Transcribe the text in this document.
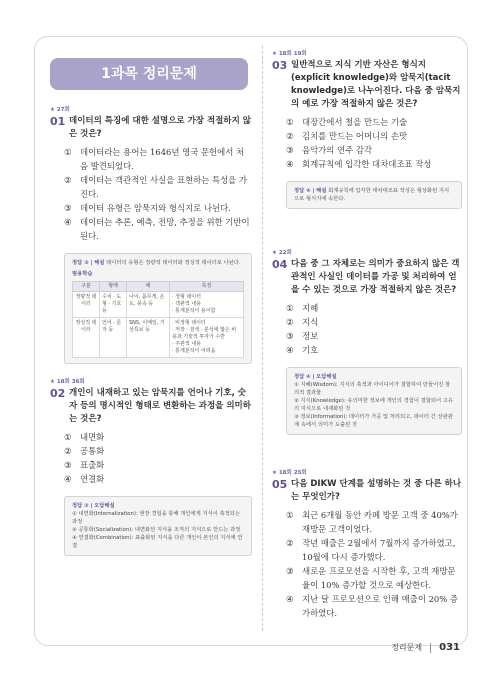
1과목 정리문제
★ 27회
01 데이터의 특징에 대한 설명으로 가장 적절하지 않은 것은?
①	데이터라는 용어는 1646년 영국 문헌에서 처음 발견되었다.
②	데이터는 객관적인 사실을 표현하는 특성을 가진다.
③	데이터 유형은 암묵지와 형식지로 나뉜다.
④	데이터는 추론, 예측, 전망, 추정을 위한 기반이 된다.
정답 ③ | 해설 데이터의 유형은 정량적 데이터와 정성적 데이터로 나뉜다.
범용학습
구분	형태	예	특징
정량적 데이터	수치 · 도형 · 기호 등	나이, 몸무게, 온도, 풍속 등	· 정형 데이터
· 객관적 내용
· 통계분석이 용이함
정성적 데이터	언어 · 문자 등	SNS, 이메일, 기상특보 등	· 비정형 데이터
· 저장 · 검색 · 분석에 많은 비용과 기술적 투자가 수반
· 주관적 내용
· 통계분석이 어려움
★ 18회 36회
02 개인이 내재하고 있는 암묵지를 언어나 기호, 숫자 등의 명시적인 형태로 변환하는 과정을 의미하는 것은?
①	내면화
②	공통화
③	표출화
④	연결화
정답 ③ | 오답해설
① 내면화(Internalization): 현장 경험을 통해 개인에게 지식이 축적되는 과정
② 공통화(Socialization): 내면화된 지식을 조직의 지식으로 만드는 과정
④ 연결화(Combination): 표출화된 지식을 다른 개인이 본인의 지식에 연결
★ 18회 19회
03 일반적으로 지식 기반 자산은 형식지(explicit knowledge)와 암묵지(tacit knowledge)로 나누어진다. 다음 중 암묵지의 예로 가장 적절하지 않은 것은?
①	대장간에서 철을 만드는 기술
②	김치를 만드는 어머니의 손맛
③	음악가의 연주 감각
④	회계규칙에 입각한 대차대조표 작성
정답 ④ | 해설 회계규칙에 입각한 대차대조표 작성은 형상화된 지식으로 형식지에 속한다.
★ 22회
04 다음 중 그 자체로는 의미가 중요하지 않은 객관적인 사실인 데이터를 가공 및 처리하여 얻을 수 있는 것으로 가장 적절하지 않은 것은?
①	지혜
②	지식
③	정보
④	기호
정답 ④ | 오답해설
① 지혜(Wisdom): 지식의 축적과 아이디어가 결합하여 만들어진 창의적 결과물
② 지식(Knowledge): 유의미한 정보에 개인의 경험이 결합되어 고유의 지식으로 내재화된 것
③ 정보(Information): 데이터가 가공 및 처리되고, 데이터 간 상관관계 속에서 의미가 도출된 것
★ 18회 25회
05 다음 DIKW 단계를 설명하는 것 중 다른 하나는 무엇인가?
①	최근 6개월 동안 카페 방문 고객 중 40%가 재방문 고객이었다.
②	작년 매출은 2월에서 7월까지 증가하였고, 10월에 다시 증가했다.
③	새로운 프로모션을 시작한 후, 고객 재방문율이 10% 증가할 것으로 예상한다.
④	지난 달 프로모션으로 인해 매출이 20% 증가하였다.
정리문제 031
